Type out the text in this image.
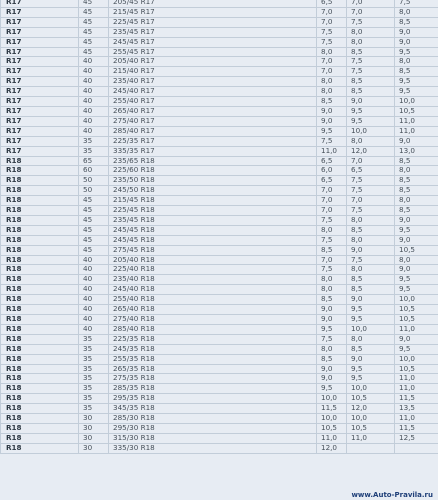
R17	45	205/45 R17	6,5	7,0	7,5
R17	45	215/45 R17	7,0	7,0	8,0
R17	45	225/45 R17	7,0	7,5	8,5
R17	45	235/45 R17	7,5	8,0	9,0
R17	45	245/45 R17	7,5	8,0	9,0
R17	45	255/45 R17	8,0	8,5	9,5
R17	40	205/40 R17	7,0	7,5	8,0
R17	40	215/40 R17	7,0	7,5	8,5
R17	40	235/40 R17	8,0	8,5	9,5
R17	40	245/40 R17	8,0	8,5	9,5
R17	40	255/40 R17	8,5	9,0	10,0
R17	40	265/40 R17	9,0	9,5	10,5
R17	40	275/40 R17	9,0	9,5	11,0
R17	40	285/40 R17	9,5	10,0	11,0
R17	35	225/35 R17	7,5	8,0	9,0
R17	35	335/35 R17	11,0	12,0	13,0
R18	65	235/65 R18	6,5	7,0	8,5
R18	60	225/60 R18	6,0	6,5	8,0
R18	50	235/50 R18	6,5	7,5	8,5
R18	50	245/50 R18	7,0	7,5	8,5
R18	45	215/45 R18	7,0	7,0	8,0
R18	45	225/45 R18	7,0	7,5	8,5
R18	45	235/45 R18	7,5	8,0	9,0
R18	45	245/45 R18	8,0	8,5	9,5
R18	45	245/45 R18	7,5	8,0	9,0
R18	45	275/45 R18	8,5	9,0	10,5
R18	40	205/40 R18	7,0	7,5	8,0
R18	40	225/40 R18	7,5	8,0	9,0
R18	40	235/40 R18	8,0	8,5	9,5
R18	40	245/40 R18	8,0	8,5	9,5
R18	40	255/40 R18	8,5	9,0	10,0
R18	40	265/40 R18	9,0	9,5	10,5
R18	40	275/40 R18	9,0	9,5	10,5
R18	40	285/40 R18	9,5	10,0	11,0
R18	35	225/35 R18	7,5	8,0	9,0
R18	35	245/35 R18	8,0	8,5	9,5
R18	35	255/35 R18	8,5	9,0	10,0
R18	35	265/35 R18	9,0	9,5	10,5
R18	35	275/35 R18	9,0	9,5	11,0
R18	35	285/35 R18	9,5	10,0	11,0
R18	35	295/35 R18	10,0	10,5	11,5
R18	35	345/35 R18	11,5	12,0	13,5
R18	30	285/30 R18	10,0	10,0	11,0
R18	30	295/30 R18	10,5	10,5	11,5
R18	30	315/30 R18	11,0	11,0	12,5
R18	30	335/30 R18	12,0		
www.Auto-Pravila.ru
